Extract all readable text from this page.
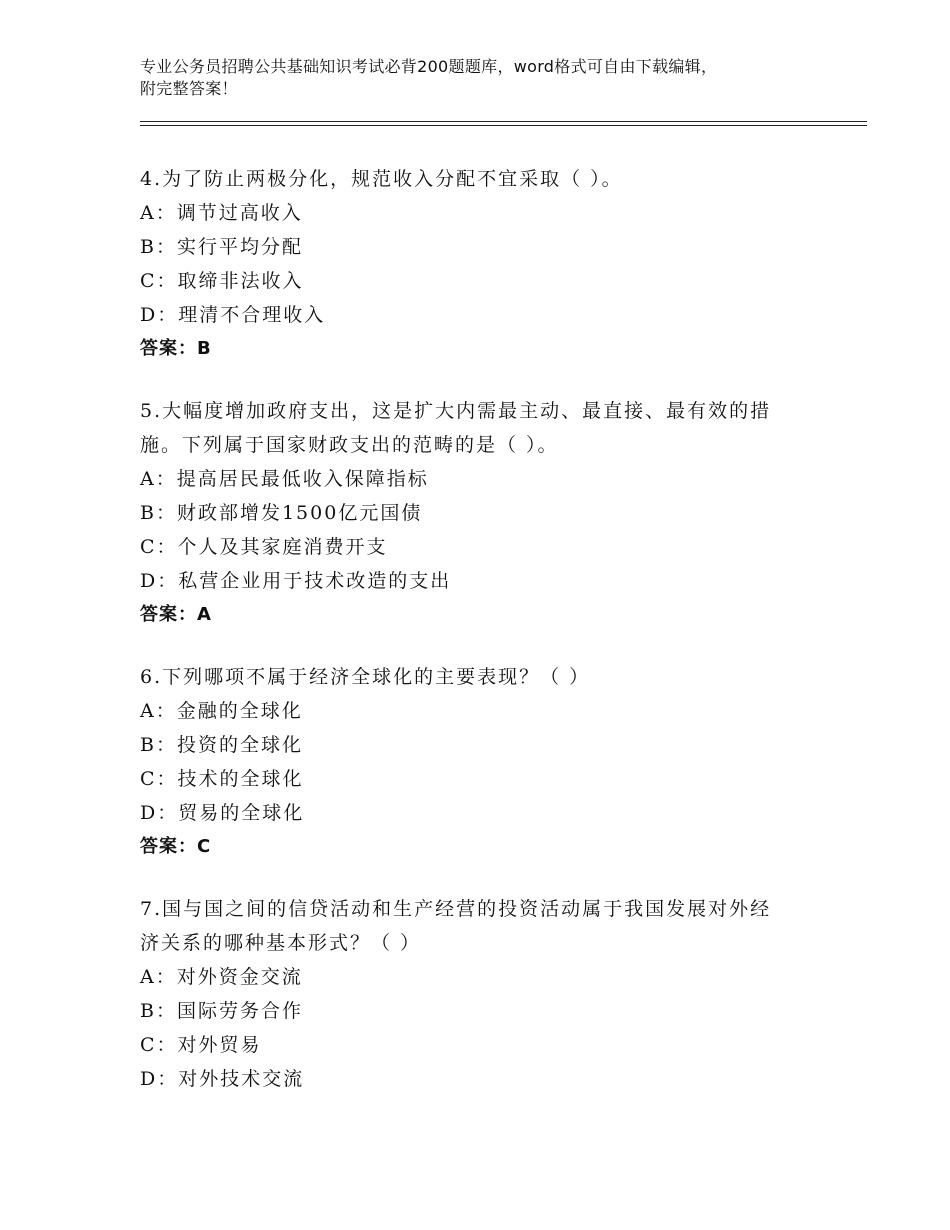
专业公务员招聘公共基础知识考试必背200题题库，word格式可自由下载编辑，
附完整答案！
4.为了防止两极分化，规范收入分配不宜采取（ ）。
A：调节过高收入
B：实行平均分配
C：取缔非法收入
D：理清不合理收入
答案：B
5.大幅度增加政府支出，这是扩大内需最主动、最直接、最有效的措
施。下列属于国家财政支出的范畴的是（ ）。
A：提高居民最低收入保障指标
B：财政部增发1500亿元国债
C：个人及其家庭消费开支
D：私营企业用于技术改造的支出
答案：A
6.下列哪项不属于经济全球化的主要表现？（ ）
A：金融的全球化
B：投资的全球化
C：技术的全球化
D：贸易的全球化
答案：C
7.国与国之间的信贷活动和生产经营的投资活动属于我国发展对外经
济关系的哪种基本形式？（ ）
A：对外资金交流
B：国际劳务合作
C：对外贸易
D：对外技术交流
